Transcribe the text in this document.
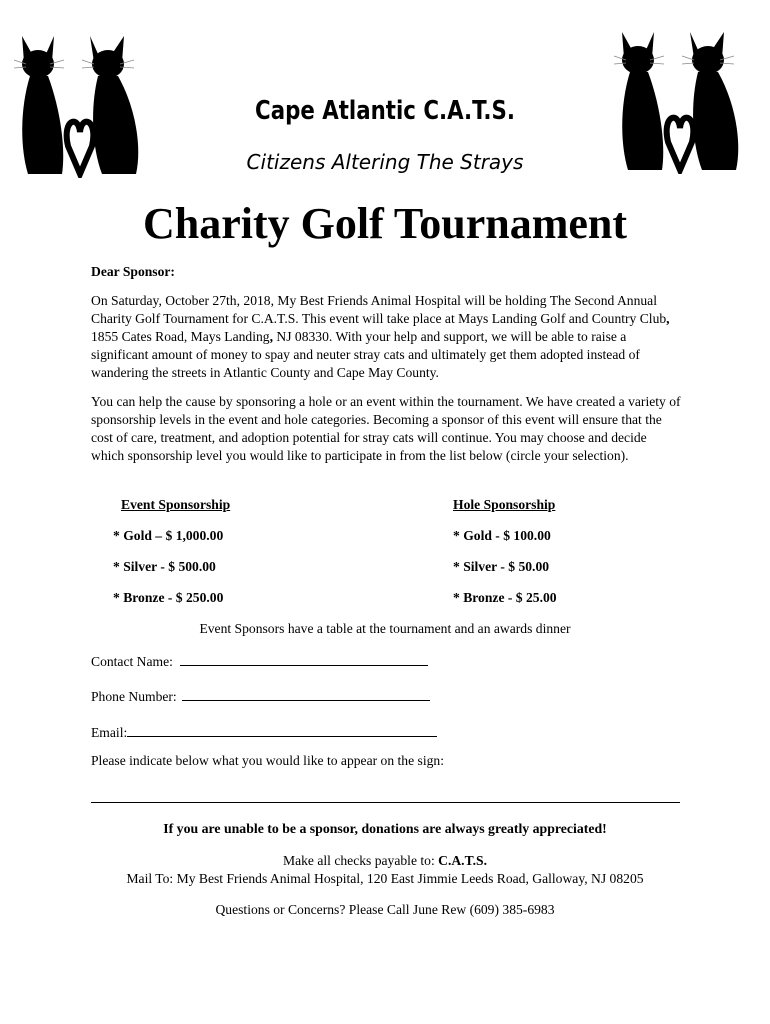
Cape Atlantic C.A.T.S.
Citizens Altering The Strays
Charity Golf Tournament
Dear Sponsor:
On Saturday, October 27th, 2018, My Best Friends Animal Hospital will be holding The Second Annual Charity Golf Tournament for C.A.T.S. This event will take place at Mays Landing Golf and Country Club, 1855 Cates Road, Mays Landing, NJ 08330. With your help and support, we will be able to raise a significant amount of money to spay and neuter stray cats and ultimately get them adopted instead of wandering the streets in Atlantic County and Cape May County.
You can help the cause by sponsoring a hole or an event within the tournament. We have created a variety of sponsorship levels in the event and hole categories. Becoming a sponsor of this event will ensure that the cost of care, treatment, and adoption potential for stray cats will continue. You may choose and decide which sponsorship level you would like to participate in from the list below (circle your selection).
Event Sponsorship	Hole Sponsorship
* Gold – $ 1,000.00
* Silver - $ 500.00
* Bronze - $ 250.00
* Gold - $ 100.00
* Silver - $ 50.00
* Bronze - $ 25.00
Event Sponsors have a table at the tournament and an awards dinner
Contact Name:
Phone Number:
Email:
Please indicate below what you would like to appear on the sign:
If you are unable to be a sponsor, donations are always greatly appreciated!
Make all checks payable to: C.A.T.S.
Mail To: My Best Friends Animal Hospital, 120 East Jimmie Leeds Road, Galloway, NJ 08205
Questions or Concerns? Please Call June Rew (609) 385-6983
